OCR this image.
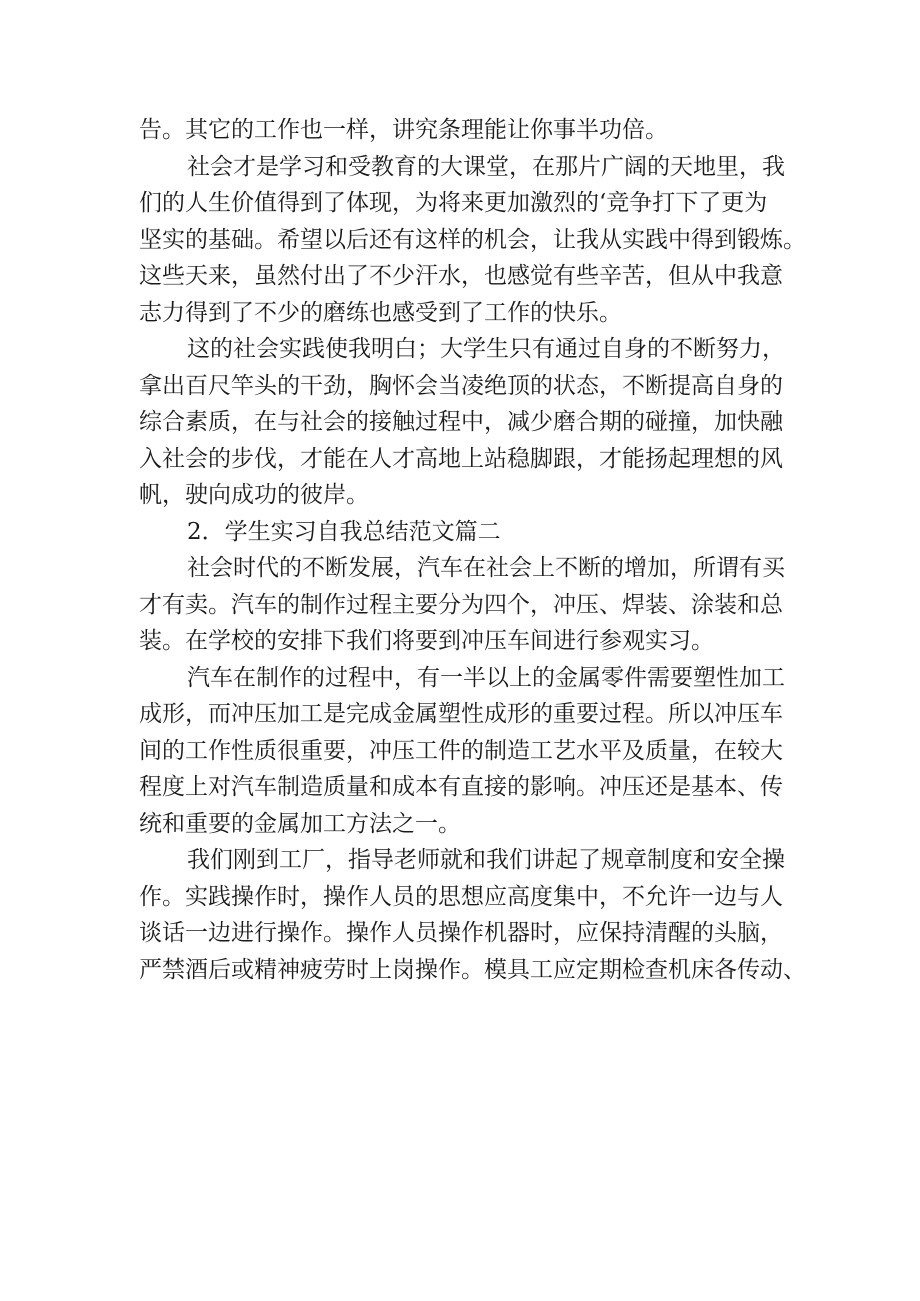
告。其它的工作也一样，讲究条理能让你事半功倍。
社会才是学习和受教育的大课堂，在那片广阔的天地里，我
们的人生价值得到了体现，为将来更加激烈的‘竞争打下了更为
坚实的基础。希望以后还有这样的机会，让我从实践中得到锻炼。
这些天来，虽然付出了不少汗水，也感觉有些辛苦，但从中我意
志力得到了不少的磨练也感受到了工作的快乐。
这的社会实践使我明白；大学生只有通过自身的不断努力，
拿出百尺竿头的干劲，胸怀会当凌绝顶的状态，不断提高自身的
综合素质，在与社会的接触过程中，减少磨合期的碰撞，加快融
入社会的步伐，才能在人才高地上站稳脚跟，才能扬起理想的风
帆，驶向成功的彼岸。
2．学生实习自我总结范文篇二
社会时代的不断发展，汽车在社会上不断的增加，所谓有买
才有卖。汽车的制作过程主要分为四个，冲压、焊装、涂装和总
装。在学校的安排下我们将要到冲压车间进行参观实习。
汽车在制作的过程中，有一半以上的金属零件需要塑性加工
成形，而冲压加工是完成金属塑性成形的重要过程。所以冲压车
间的工作性质很重要，冲压工件的制造工艺水平及质量，在较大
程度上对汽车制造质量和成本有直接的影响。冲压还是基本、传
统和重要的金属加工方法之一。
我们刚到工厂，指导老师就和我们讲起了规章制度和安全操
作。实践操作时，操作人员的思想应高度集中，不允许一边与人
谈话一边进行操作。操作人员操作机器时，应保持清醒的头脑，
严禁酒后或精神疲劳时上岗操作。模具工应定期检查机床各传动、
